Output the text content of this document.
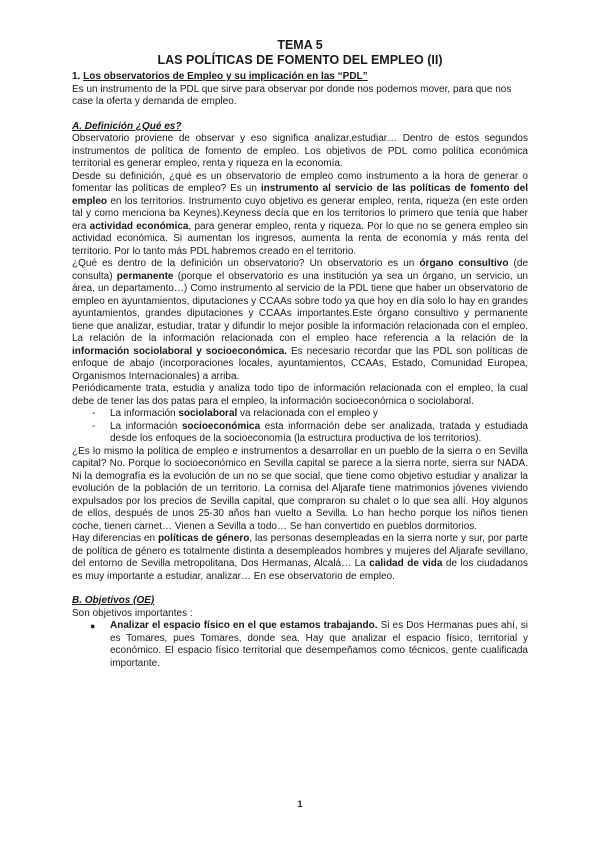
TEMA 5

LAS POLÍTICAS DE FOMENTO DEL EMPLEO (II)

1. Los observatorios de Empleo y su implicación en las “PDL”

Es un instrumento de la PDL que sirve para observar por donde nos podemos mover, para que nos case la oferta y demanda de empleo.

A. Definición ¿Qué es?

Observatorio proviene de observar y eso significa analizar,estudiar… Dentro de estos segundos instrumentos de política de fomento de empleo. Los objetivos de PDL como política económica territorial es generar empleo, renta y riqueza en la economía.

Desde su definición, ¿qué es un observatorio de empleo como instrumento a la hora de generar o fomentar las políticas de empleo? Es un instrumento al servicio de las políticas de fomento del empleo en los territorios. Instrumento cuyo objetivo es generar empleo, renta, riqueza (en este orden tal y como menciona ba Keynes).Keyness decía que en los territorios lo primero que tenía que haber era actividad económica, para generar empleo, renta y riqueza. Por lo que no se genera empleo sin actividad económica. Si aumentan los ingresos, aumenta la renta de economía y más renta del territorio. Por lo tanto más PDL habremos creado en el territorio.

¿Qué es dentro de la definición un observatorio? Un observatorio es un órgano consultivo (de consulta) permanente (porque el observatorio es una institución ya sea un órgano, un servicio, un área, un departamento…) Como instrumento al servicio de la PDL tiene que haber un observatorio de empleo en ayuntamientos, diputaciones y CCAAs sobre todo ya que hoy en día solo lo hay en grandes ayuntamientos, grandes diputaciones y CCAAs importantes.Este órgano consultivo y permanente tiene que analizar, estudiar, tratar y difundir lo mejor posible la información relacionada con el empleo. La relación de la información relacionada con el empleo hace referencia a la relación de la información sociolaboral y socioeconómica. Es necesario recordar que las PDL son políticas de enfoque de abajo (incorporaciones locales, ayuntamientos, CCAAs, Estado, Comunidad Europea, Organismos Internacionales) a arriba.

Periódicamente trata, estudia y analiza todo tipo de información relacionada con el empleo, la cual debe de tener las dos patas para el empleo, la información socioeconómica o sociolaboral.

- La información sociolaboral va relacionada con el empleo y
- La información socioeconómica esta información debe ser analizada, tratada y estudiada desde los enfoques de la socioeconomía (la estructura productiva de los territorios).

¿Es lo mismo la política de empleo e instrumentos a desarrollar en un pueblo de la sierra o en Sevilla capital? No. Porque lo socioeconómico en Sevilla capital se parece a la sierra norte, sierra sur NADA. Ni la demografía es la evolución de un no se que social, que tiene como objetivo estudiar y analizar la evolución de la población de un territorio. La cornisa del Aljarafe tiene matrimonios jóvenes viviendo expulsados por los precios de Sevilla capital, que compraron su chalet o lo que sea allí. Hoy algunos de ellos, después de unos 25-30 años han vuelto a Sevilla. Lo han hecho porque los niños tienen coche, tienen carnet… Vienen a Sevilla a todo… Se han convertido en pueblos dormitorios.

Hay diferencias en políticas de género, las personas desempleadas en la sierra norte y sur, por parte de política de género es totalmente distinta a desempleados hombres y mujeres del Aljarafe sevillano, del entorno de Sevilla metropolitana, Dos Hermanas, Alcalá… La calidad de vida de los ciudadanos es muy importante a estudiar, analizar… En ese observatorio de empleo.

B. Objetivos (OE)

Son objetivos importantes :

● Analizar el espacio físico en el que estamos trabajando. Si es Dos Hermanas pues ahí, si es Tomares, pues Tomares, donde sea. Hay que analizar el espacio físico, territorial y económico. El espacio físico territorial que desempeñamos como técnicos, gente cualificada importante.
1
